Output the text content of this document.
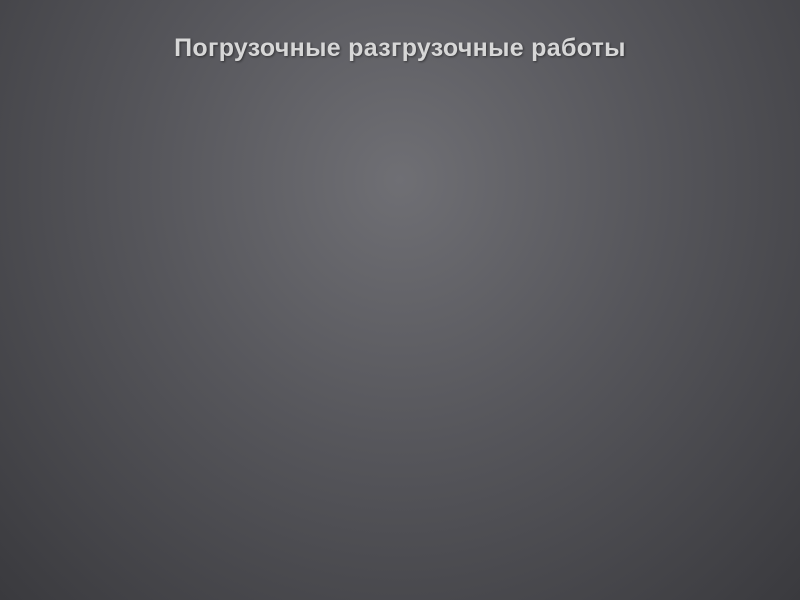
Погрузочные разгрузочные работы
